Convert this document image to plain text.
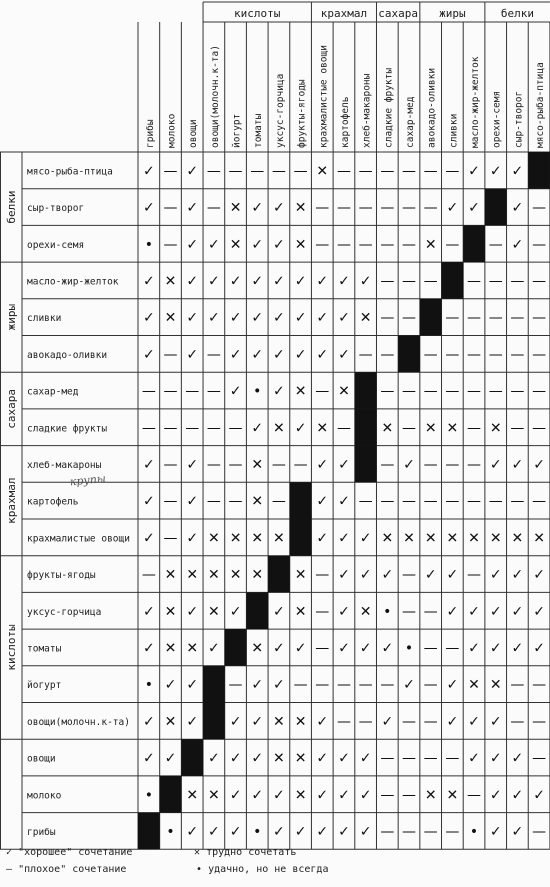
кислоты	крахмал сахара жиры	белки
грибы молоко овощи овощи(молочн.к-та) йогурт томаты уксус-горчица фрукты-ягоды крахмалистые овощи картофель хлеб-макароны сладкие фрукты сахар-мед авокадо-оливки сливки масло-жир-желток орехи-семя сыр-творог мясо-рыба-птица
белки
жиры
сахара
крахмал
кислоты
мясо-рыба-птица
сыр-творог
орехи-семя
масло-жир-желток
сливки
авокадо-оливки
сахар-мед
сладкие фрукты
хлеб-макароны
картофель
крахмалистые овощи
фрукты-ягоды
уксус-горчица
томаты
йогурт
овощи(молочн.к-та)
овощи
молоко
грибы
крупы
✓ — ✓ — — — — — ✕ — — — — — — ✓ ✓ ✓
✓ — ✓ — ✕ ✓ ✓ ✕ — — — — — — ✓ ✓ ✓ —
• — ✓ ✓ ✕ ✓ ✓ ✕ — — — — — ✕ — — ✓ —
✓ ✕ ✓ ✓ ✓ ✓ ✓ ✓ ✓ ✓ ✓ — — — — — — —
✓ ✕ ✓ ✓ ✓ ✓ ✓ ✓ ✓ ✓ ✕ — — — — — — —
✓ — ✓ — ✓ ✓ ✓ ✓ ✓ ✓ — — — — — — — —
— — — — ✓ • ✓ ✕ — ✕ — — — — — — — —
— — — — — ✓ ✕ ✓ ✕ — ✕ — ✕ ✕ — ✕ — —
✓ — ✓ — — ✕ — — ✓ ✓ — ✓ — — — ✓ ✓ ✓
✓ — ✓ — — ✕ — ✓ ✓ — — — — — — — — —
✓ — ✓ ✕ ✕ ✕ ✕ ✓ ✓ ✓ ✕ ✕ ✕ ✕ ✕ ✕ ✕ ✕
— ✕ ✕ ✕ ✕ ✕ ✕ — ✓ ✓ ✓ — ✓ ✓ — ✓ ✓ ✓
✓ ✕ ✓ ✕ ✓ ✓ ✕ — ✓ ✕ • — — ✓ ✓ ✓ ✓ ✓
✓ ✕ ✕ ✓ ✕ ✓ ✓ — ✓ ✓ ✓ • — — ✓ ✓ ✓ ✓
• ✓ ✓ — ✓ ✓ — — — — — ✓ — ✓ ✕ ✕ — —
✓ ✕ ✓ ✓ ✓ ✕ ✕ ✓ — — ✓ — — ✓ ✓ ✓ — —
✓ ✓ ✓ ✓ ✓ ✕ ✕ ✓ ✓ ✓ — — — — ✓ ✓ ✓ —
• ✕ ✕ ✓ ✓ ✓ ✕ ✓ ✓ ✓ — — ✕ ✕ — ✓ ✓ ✓
• ✓ ✓ ✓ • ✓ ✓ ✓ ✓ ✓ — — — — • ✓ ✓ —
✓ "хорошее" сочетание
— "плохое" сочетание
✕ трудно сочетать
• удачно, но не всегда
